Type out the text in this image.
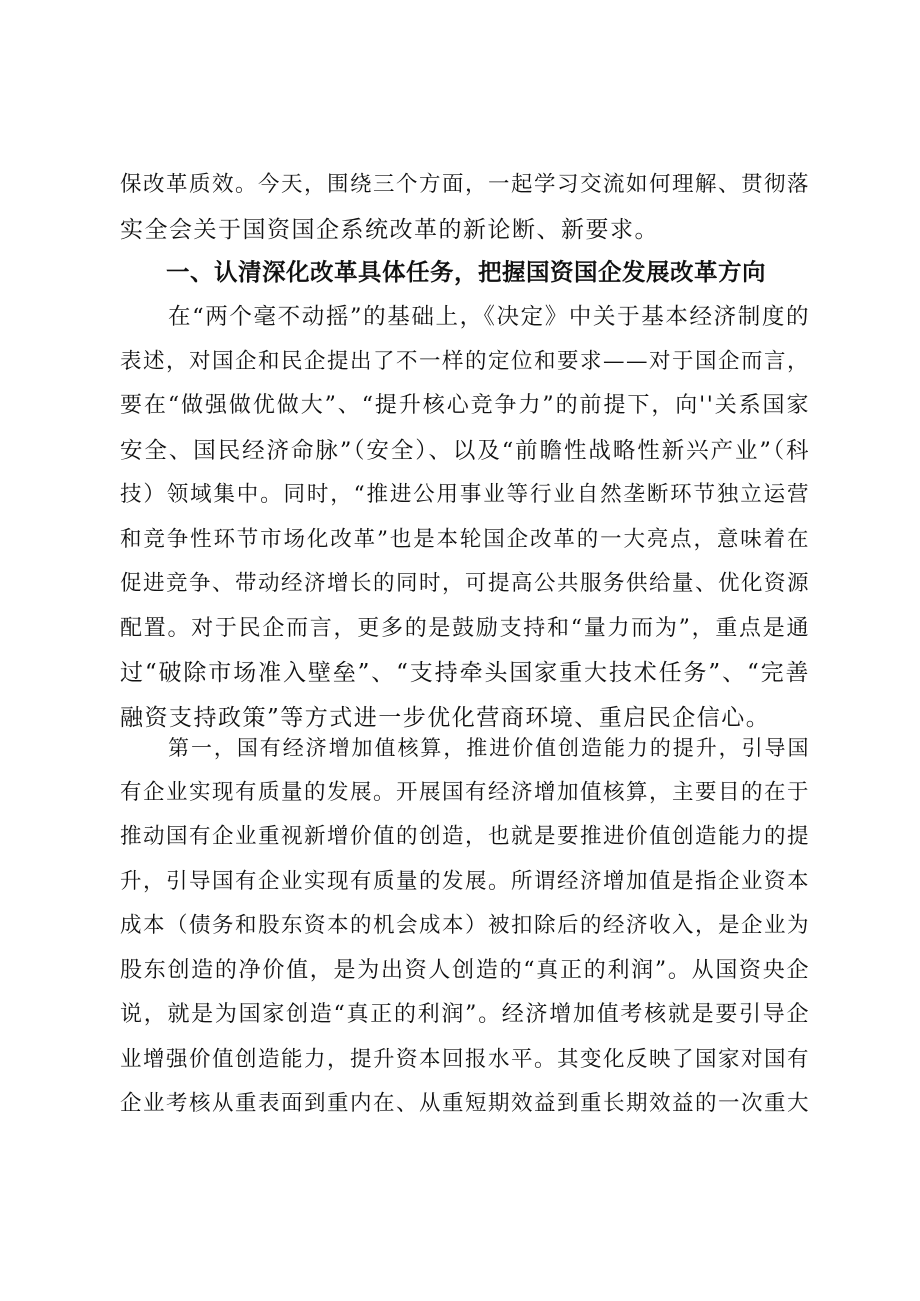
保改革质效。今天，围绕三个方面，一起学习交流如何理解、贯彻落
实全会关于国资国企系统改革的新论断、新要求。
一、认清深化改革具体任务，把握国资国企发展改革方向
在“两个毫不动摇”的基础上，《决定》中关于基本经济制度的
表述，对国企和民企提出了不一样的定位和要求——对于国企而言，
要在“做强做优做大”、“提升核心竞争力”的前提下，向''关系国家
安全、国民经济命脉”（安全）、以及“前瞻性战略性新兴产业”（科
技）领域集中。同时，“推进公用事业等行业自然垄断环节独立运营
和竞争性环节市场化改革”也是本轮国企改革的一大亮点，意味着在
促进竞争、带动经济增长的同时，可提高公共服务供给量、优化资源
配置。对于民企而言，更多的是鼓励支持和“量力而为”，重点是通
过“破除市场准入壁垒”、“支持牵头国家重大技术任务”、“完善
融资支持政策”等方式进一步优化营商环境、重启民企信心。
第一，国有经济增加值核算，推进价值创造能力的提升，引导国
有企业实现有质量的发展。开展国有经济增加值核算，主要目的在于
推动国有企业重视新增价值的创造，也就是要推进价值创造能力的提
升，引导国有企业实现有质量的发展。所谓经济增加值是指企业资本
成本（债务和股东资本的机会成本）被扣除后的经济收入，是企业为
股东创造的净价值，是为出资人创造的“真正的利润”。从国资央企
说，就是为国家创造“真正的利润”。经济增加值考核就是要引导企
业增强价值创造能力，提升资本回报水平。其变化反映了国家对国有
企业考核从重表面到重内在、从重短期效益到重长期效益的一次重大
